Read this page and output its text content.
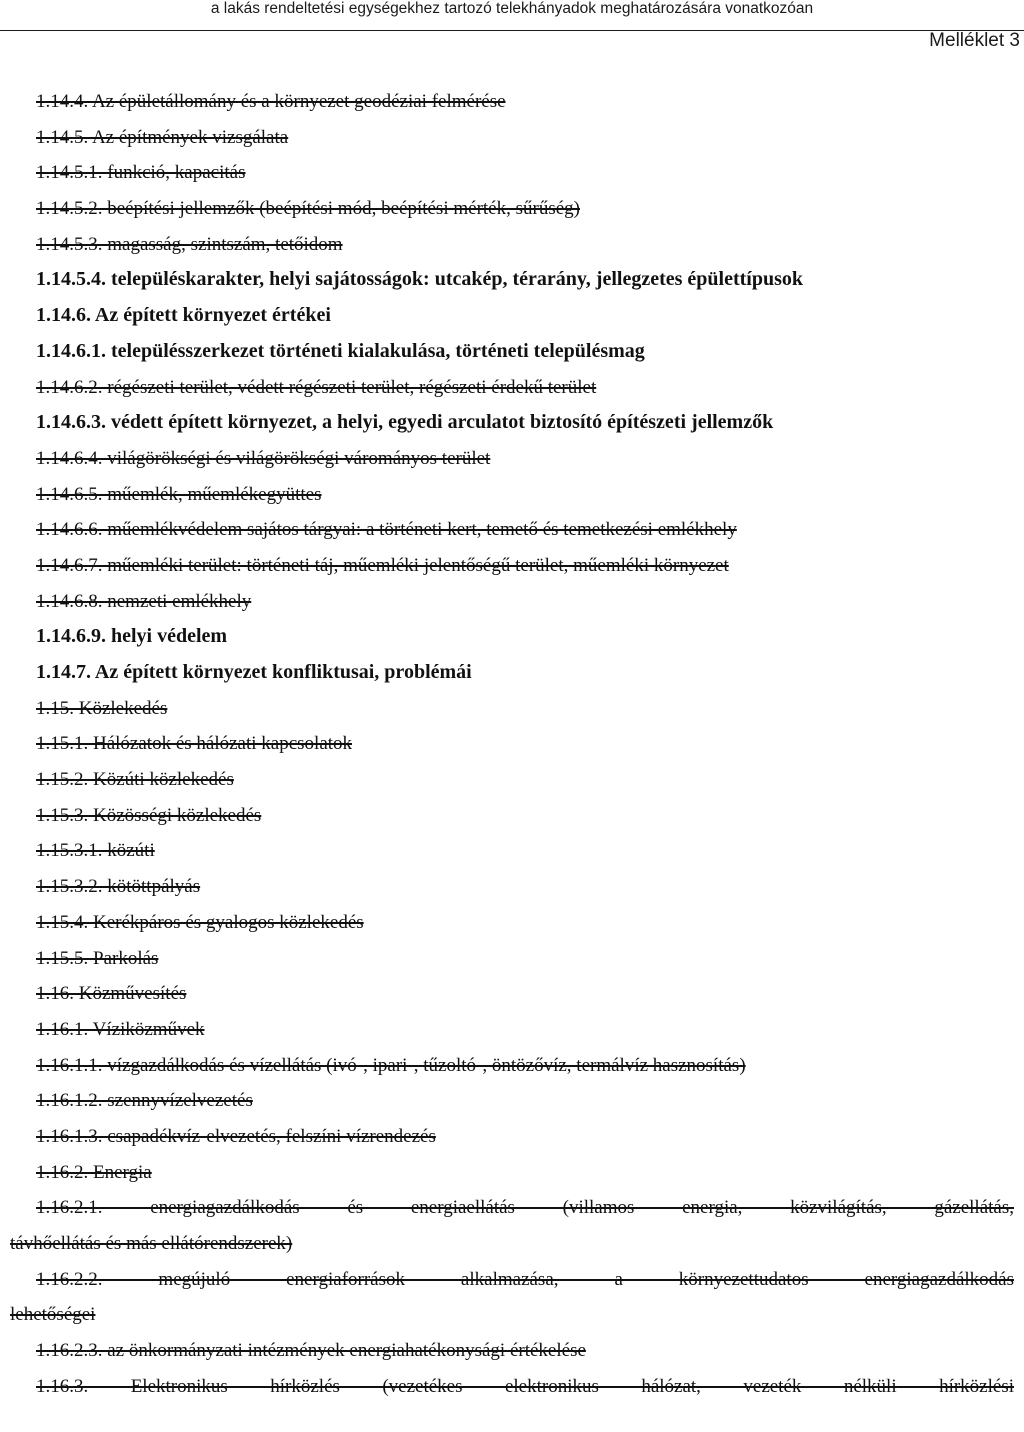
a lakás rendeltetési egységekhez tartozó telekhányadok meghatározására vonatkozóan
Melléklet 3
1.14.4. Az épületállomány és a környezet geodéziai felmérése
1.14.5. Az építmények vizsgálata
1.14.5.1. funkció, kapacitás
1.14.5.2. beépítési jellemzők (beépítési mód, beépítési mérték, sűrűség)
1.14.5.3. magasság, szintszám, tetőidom
1.14.5.4. településkarakter, helyi sajátosságok: utcakép, térarány, jellegzetes épülettípusok
1.14.6. Az épített környezet értékei
1.14.6.1. településszerkezet történeti kialakulása, történeti településmag
1.14.6.2. régészeti terület, védett régészeti terület, régészeti érdekű terület
1.14.6.3. védett épített környezet, a helyi, egyedi arculatot biztosító építészeti jellemzők
1.14.6.4. világörökségi és világörökségi várományos terület
1.14.6.5. műemlék, műemlékegyüttes
1.14.6.6. műemlékvédelem sajátos tárgyai: a történeti kert, temető és temetkezési emlékhely
1.14.6.7. műemléki terület: történeti táj, műemléki jelentőségű terület, műemléki környezet
1.14.6.8. nemzeti emlékhely
1.14.6.9. helyi védelem
1.14.7. Az épített környezet konfliktusai, problémái
1.15. Közlekedés
1.15.1. Hálózatok és hálózati kapcsolatok
1.15.2. Közúti közlekedés
1.15.3. Közösségi közlekedés
1.15.3.1. közúti
1.15.3.2. kötöttpályás
1.15.4. Kerékpáros és gyalogos közlekedés
1.15.5. Parkolás
1.16. Közművesítés
1.16.1. Víziközművek
1.16.1.1. vízgazdálkodás és vízellátás (ivó-, ipari-, tűzoltó-, öntözővíz, termálvíz hasznosítás)
1.16.1.2. szennyvízelvezetés
1.16.1.3. csapadékvíz-elvezetés, felszíni vízrendezés
1.16.2. Energia
1.16.2.1. energiagazdálkodás és energiaellátás (villamos energia, közvilágítás, gázellátás,
távhőellátás és más ellátórendszerek)
1.16.2.2. megújuló energiaforrások alkalmazása, a környezettudatos energiagazdálkodás
lehetőségei
1.16.2.3. az önkormányzati intézmények energiahatékonysági értékelése
1.16.3. Elektronikus hírközlés (vezetékes elektronikus hálózat, vezeték nélküli hírközlési
